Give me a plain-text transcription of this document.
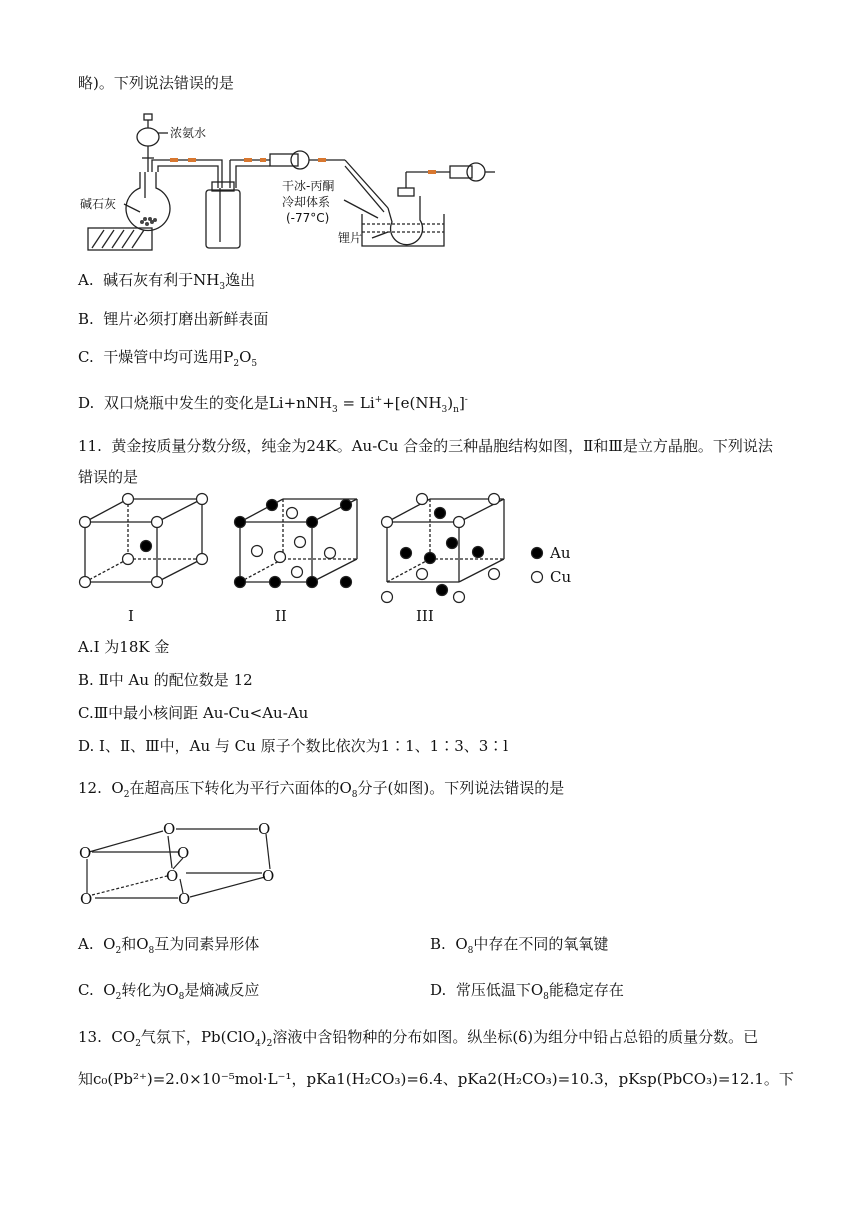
略)。下列说法错误的是
浓氨水
碱石灰
干冰-丙酮
冷却体系
(-77°C)
锂片
A. 碱石灰有利于$NH_3$逸出
B. 锂片必须打磨出新鲜表面
C. 干燥管中均可选用$P_2O_5$
D. 双口烧瓶中发生的变化是$Li+nNH_3 = Li^++[e(NH_3)_n]^-$
11. 黄金按质量分数分级，纯金为24K。Au-Cu 合金的三种晶胞结构如图，Ⅱ和Ⅲ是立方晶胞。下列说法
错误的是
I	II	III
Au
Cu
A.I 为18K 金
B. Ⅱ中 Au 的配位数是 12
C.Ⅲ中最小核间距 Au-Cu<Au-Au
D. I、Ⅱ、Ⅲ中，Au 与 Cu 原子个数比依次为1∶1、1∶3、3∶l
12. $O_2$在超高压下转化为平行六面体的$O_8$分子(如图)。下列说法错误的是
O	O
O	O
O	O
O	O
A. $O_2$和$O_8$互为同素异形体	B. $O_8$中存在不同的氧氧键
C. $O_2$转化为$O_8$是熵减反应	D. 常压低温下$O_8$能稳定存在
13. $CO_2$气氛下，$Pb(ClO_4)_2$溶液中含铅物种的分布如图。纵坐标(δ)为组分中铅占总铅的质量分数。已
知c₀(Pb²⁺)=2.0×10⁻⁵mol·L⁻¹，pKa1(H₂CO₃)=6.4、pKa2(H₂CO₃)=10.3，pKsp(PbCO₃)=12.1。下
